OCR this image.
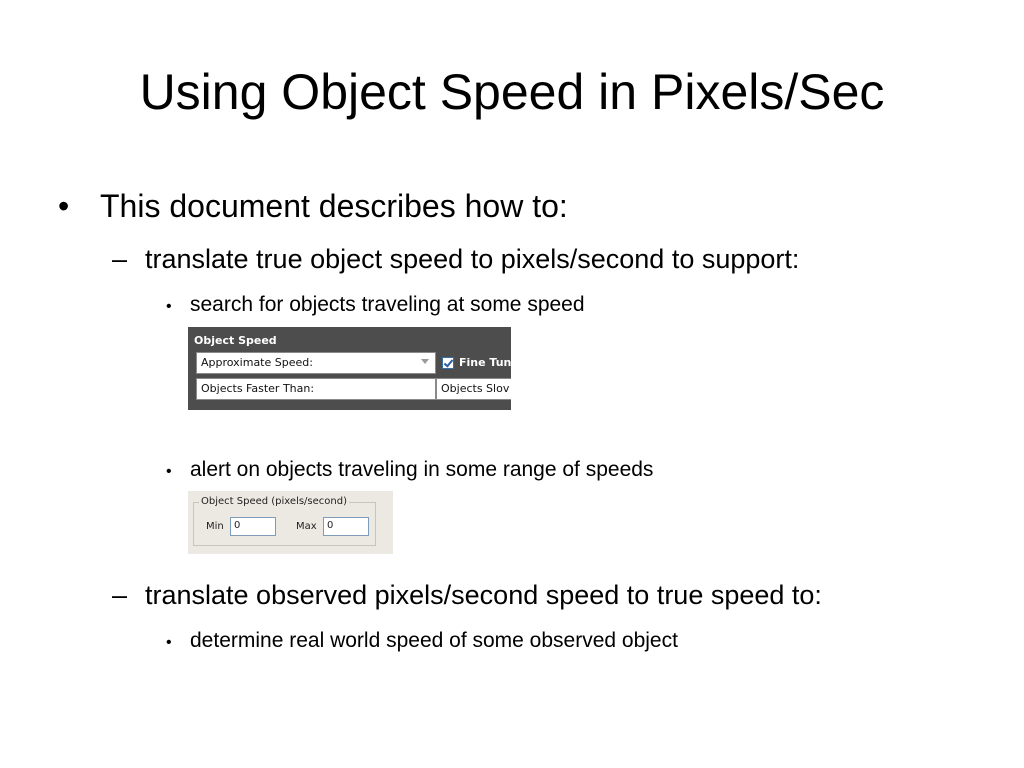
Using Object Speed in Pixels/Sec
• This document describes how to:
– translate true object speed to pixels/second to support:
• search for objects traveling at some speed
Object Speed
Approximate Speed:	Fine Tun
Objects Faster Than:	Objects Slov
• alert on objects traveling in some range of speeds
Object Speed (pixels/second)
Min	0	Max	0
– translate observed pixels/second speed to true speed to:
• determine real world speed of some observed object
